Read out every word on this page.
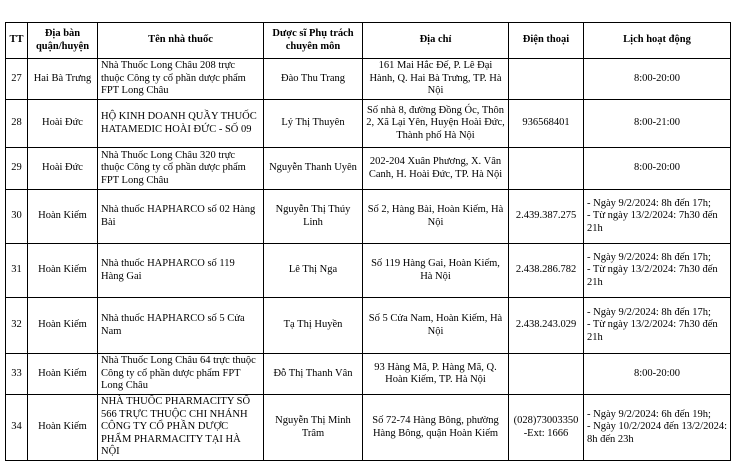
TT	Địa bàn quận/huyện	Tên nhà thuốc	Dược sĩ Phụ trách chuyên môn	Địa chỉ	Điện thoại	Lịch hoạt động
27	Hai Bà Trưng	Nhà Thuốc Long Châu 208 trực thuộc Công ty cổ phần dược phẩm FPT Long Châu	Đào Thu Trang	161 Mai Hắc Đế, P. Lê Đại Hành, Q. Hai Bà Trưng, TP. Hà Nội		8:00-20:00

28	Hoài Đức	HỘ KINH DOANH QUẦY THUỐC HATAMEDIC HOÀI ĐỨC - SỐ 09	Lý Thị Thuyên	Số nhà 8, đường Đồng Óc, Thôn 2, Xã Lại Yên, Huyện Hoài Đức, Thành phố Hà Nội	936568401	8:00-21:00

29	Hoài Đức	Nhà Thuốc Long Châu 320 trực thuộc Công ty cổ phần dược phẩm FPT Long Châu	Nguyễn Thanh Uyên	202-204 Xuân Phương, X. Vân Canh, H. Hoài Đức, TP. Hà Nội		8:00-20:00

30	Hoàn Kiếm	Nhà thuốc HAPHARCO số 02 Hàng Bài	Nguyễn Thị Thúy Linh	Số 2, Hàng Bài, Hoàn Kiếm, Hà Nội	2.439.387.275	- Ngày 9/2/2024: 8h đến 17h;
- Từ ngày 13/2/2024: 7h30 đến 21h

31	Hoàn Kiếm	Nhà thuốc HAPHARCO số 119 Hàng Gai	Lê Thị Nga	Số 119 Hàng Gai, Hoàn Kiếm, Hà Nội	2.438.286.782	- Ngày 9/2/2024: 8h đến 17h;
- Từ ngày 13/2/2024: 7h30 đến 21h

32	Hoàn Kiếm	Nhà thuốc HAPHARCO số 5 Cửa Nam	Tạ Thị Huyền	Số 5 Cửa Nam, Hoàn Kiếm, Hà Nội	2.438.243.029	- Ngày 9/2/2024: 8h đến 17h;
- Từ ngày 13/2/2024: 7h30 đến 21h

33	Hoàn Kiếm	Nhà Thuốc Long Châu 64 trực thuộc Công ty cổ phần dược phẩm FPT Long Châu	Đỗ Thị Thanh Vân	93 Hàng Mã, P. Hàng Mã, Q. Hoàn Kiếm, TP. Hà Nội		8:00-20:00

34	Hoàn Kiếm	NHÀ THUỐC PHARMACITY SỐ 566 TRỰC THUỘC CHI NHÁNH CÔNG TY CỔ PHẦN DƯỢC PHẨM PHARMACITY TẠI HÀ NỘI	Nguyễn Thị Minh Trâm	Số 72-74 Hàng Bông, phường Hàng Bông, quận Hoàn Kiếm	(028)73003350-Ext: 1666	- Ngày 9/2/2024: 6h đến 19h;
- Ngày 10/2/2024 đến 13/2/2024: 8h đến 23h
